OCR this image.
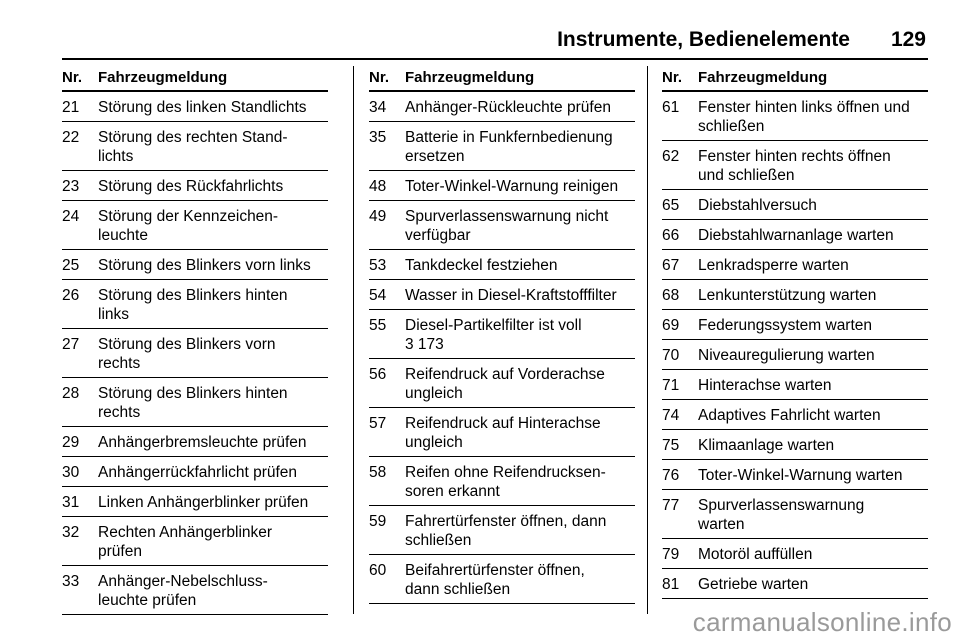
Instrumente, Bedienelemente 129
Nr.	Fahrzeugmeldung
21	Störung des linken Standlichts
22	Störung des rechten Stand-
lichts
23	Störung des Rückfahrlichts
24	Störung der Kennzeichen-
leuchte
25	Störung des Blinkers vorn links
26	Störung des Blinkers hinten
links
27	Störung des Blinkers vorn
rechts
28	Störung des Blinkers hinten
rechts
29	Anhängerbremsleuchte prüfen
30	Anhängerrückfahrlicht prüfen
31	Linken Anhängerblinker prüfen
32	Rechten Anhängerblinker
prüfen
33	Anhänger-Nebelschluss-
leuchte prüfen
Nr.	Fahrzeugmeldung
34	Anhänger-Rückleuchte prüfen
35	Batterie in Funkfernbedienung
ersetzen
48	Toter-Winkel-Warnung reinigen
49	Spurverlassenswarnung nicht
verfügbar
53	Tankdeckel festziehen
54	Wasser in Diesel-Kraftstofffilter
55	Diesel-Partikelfilter ist voll
3 173
56	Reifendruck auf Vorderachse
ungleich
57	Reifendruck auf Hinterachse
ungleich
58	Reifen ohne Reifendrucksen-
soren erkannt
59	Fahrertürfenster öffnen, dann
schließen
60	Beifahrertürfenster öffnen,
dann schließen
Nr.	Fahrzeugmeldung
61	Fenster hinten links öffnen und
schließen
62	Fenster hinten rechts öffnen
und schließen
65	Diebstahlversuch
66	Diebstahlwarnanlage warten
67	Lenkradsperre warten
68	Lenkunterstützung warten
69	Federungssystem warten
70	Niveauregulierung warten
71	Hinterachse warten
74	Adaptives Fahrlicht warten
75	Klimaanlage warten
76	Toter-Winkel-Warnung warten
77	Spurverlassenswarnung
warten
79	Motoröl auffüllen
81	Getriebe warten
carmanualsonline.info
